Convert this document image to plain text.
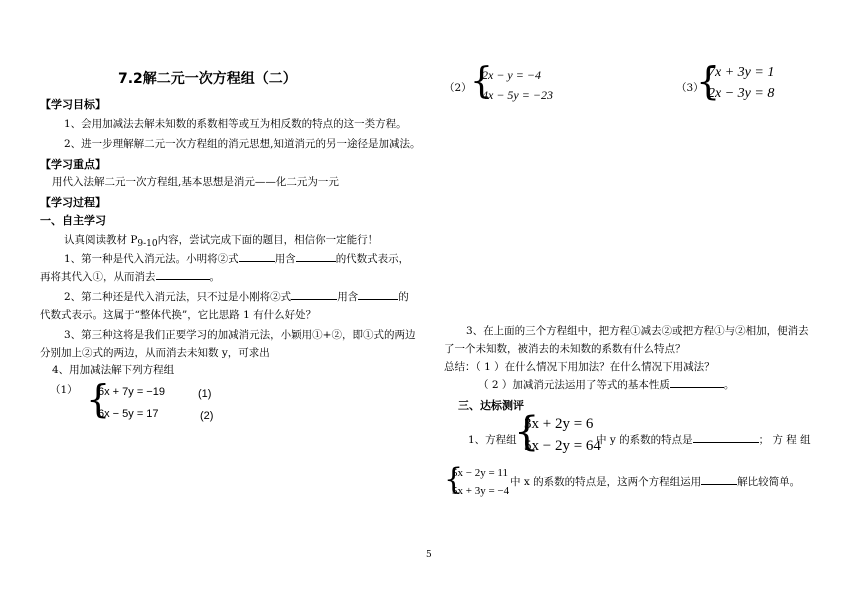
7.2解二元一次方程组（二）
【学习目标】
1、会用加减法去解未知数的系数相等或互为相反数的特点的这一类方程。
2、进一步理解解二元一次方程组的消元思想,知道消元的另一途径是加减法。
【学习重点】
用代入法解二元一次方程组,基本思想是消元——化二元为一元
【学习过程】
一、自主学习
认真阅读教材 $P_{9-10}$内容，尝试完成下面的题目，相信你一定能行！
1、第一种是代入消元法。小明将②式	用含	的代数式表示，
再将其代入①，从而消去	。
2、第二种还是代入消元法，只不过是小刚将②式	用含	的
代数式表示。这属于“整体代换”，它比思路 1 有什么好处？
3、第三种这将是我们正要学习的加减消元法，小颖用①+②，即①式的两边
分别加上②式的两边，从而消去未知数 y，可求出
4、用加减法解下列方程组
（1） {
6x + 7y = −19
6x − 5y = 17
(1)
(2)
（2）
{
2x − y = −4
4x − 5y = −23	（3）
{
7x + 3y = 1
2x − 3y = 8
3、在上面的三个方程组中，把方程①减去②或把方程①与②相加，便消去
了一个未知数，被消去的未知数的系数有什么特点？
总结：（ 1 ）在什么情况下用加法？在什么情况下用减法？
（ 2 ）加减消元法运用了等式的基本性质	。
三、达标测评
1、方程组
{
3x + 2y = 6
5x − 2y = 64
中 y 的系数的特点是	； 方 程 组
{
5x − 2y = 11
5x + 3y = −4
中 x 的系数的特点是，这两个方程组运用	解比较简单。
5
